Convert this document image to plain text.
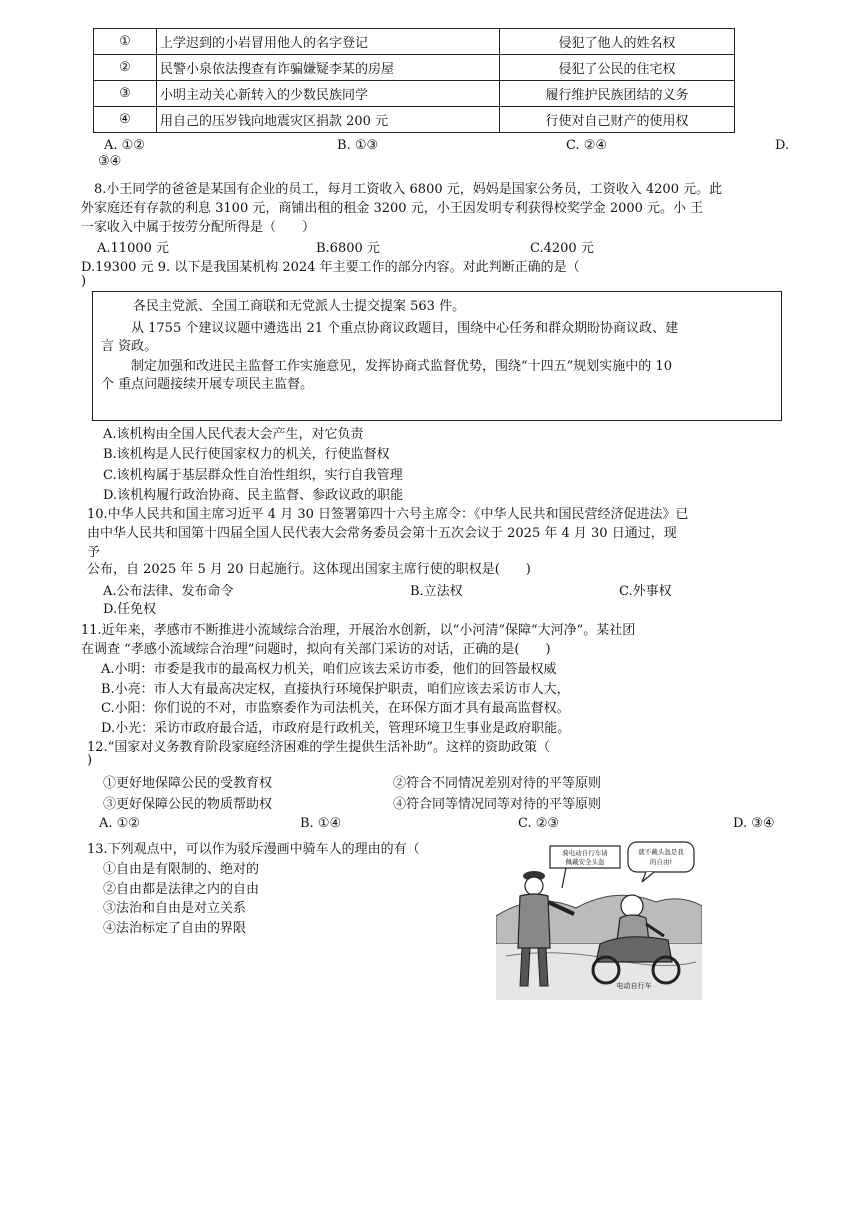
①	上学迟到的小岩冒用他人的名字登记	侵犯了他人的姓名权
②	民警小泉依法搜查有诈骗嫌疑李某的房屋	侵犯了公民的住宅权
③	小明主动关心新转入的少数民族同学	履行维护民族团结的义务
④	用自己的压岁钱向地震灾区捐款 200 元	行使对自己财产的使用权
A. ①②	B. ①③	C. ②④	D.
③④
8.小王同学的爸爸是某国有企业的员工，每月工资收入 6800 元，妈妈是国家公务员，工资收入 4200 元。此
外家庭还有存款的利息 3100 元，商铺出租的租金 3200 元，小王因发明专利获得校奖学金 2000 元。小 王
一家收入中属于按劳分配所得是（　　）
A.11000 元	B.6800 元	C.4200 元
D.19300 元 9. 以下是我国某机构 2024 年主要工作的部分内容。对此判断正确的是（
)
各民主党派、全国工商联和无党派人士提交提案 563 件。
从 1755 个建议议题中遴选出 21 个重点协商议政题目，围绕中心任务和群众期盼协商议政、建
言 资政。
制定加强和改进民主监督工作实施意见，发挥协商式监督优势，围绕“十四五”规划实施中的 10
个 重点问题接续开展专项民主监督。
A.该机构由全国人民代表大会产生，对它负责
B.该机构是人民行使国家权力的机关，行使监督权
C.该机构属于基层群众性自治性组织，实行自我管理
D.该机构履行政治协商、民主监督、参政议政的职能
10.中华人民共和国主席习近平 4 月 30 日签署第四十六号主席令：《中华人民共和国民营经济促进法》已
由中华人民共和国第十四届全国人民代表大会常务委员会第十五次会议于 2025 年 4 月 30 日通过，现
予
公布，自 2025 年 5 月 20 日起施行。这体现出国家主席行使的职权是(　　)
A.公布法律、发布命令	B.立法权	C.外事权
D.任免权
11.近年来，孝感市不断推进小流域综合治理，开展治水创新，以“小河清”保障“大河净”。某社团
在调查 “孝感小流域综合治理”问题时，拟向有关部门采访的对话，正确的是(　　)
A.小明：市委是我市的最高权力机关，咱们应该去采访市委，他们的回答最权威
B.小亮：市人大有最高决定权，直接执行环境保护职责，咱们应该去采访市人大，
C.小阳：你们说的不对，市监察委作为司法机关，在环保方面才具有最高监督权。
D.小光：采访市政府最合适，市政府是行政机关，管理环境卫生事业是政府职能。
12.“国家对义务教育阶段家庭经济困难的学生提供生活补助”。这样的资助政策（
)
①更好地保障公民的受教育权	②符合不同情况差别对待的平等原则
③更好保障公民的物质帮助权	④符合同等情况同等对待的平等原则
A. ①②	B. ①④	C. ②③	D. ③④
13.下列观点中，可以作为驳斥漫画中骑车人的理由的有（
①自由是有限制的、绝对的
②自由都是法律之内的自由
③法治和自由是对立关系
④法治标定了自由的界限
骑电动自行车请
佩戴安全头盔
就不戴头盔是我
的自由!
电动自行车
